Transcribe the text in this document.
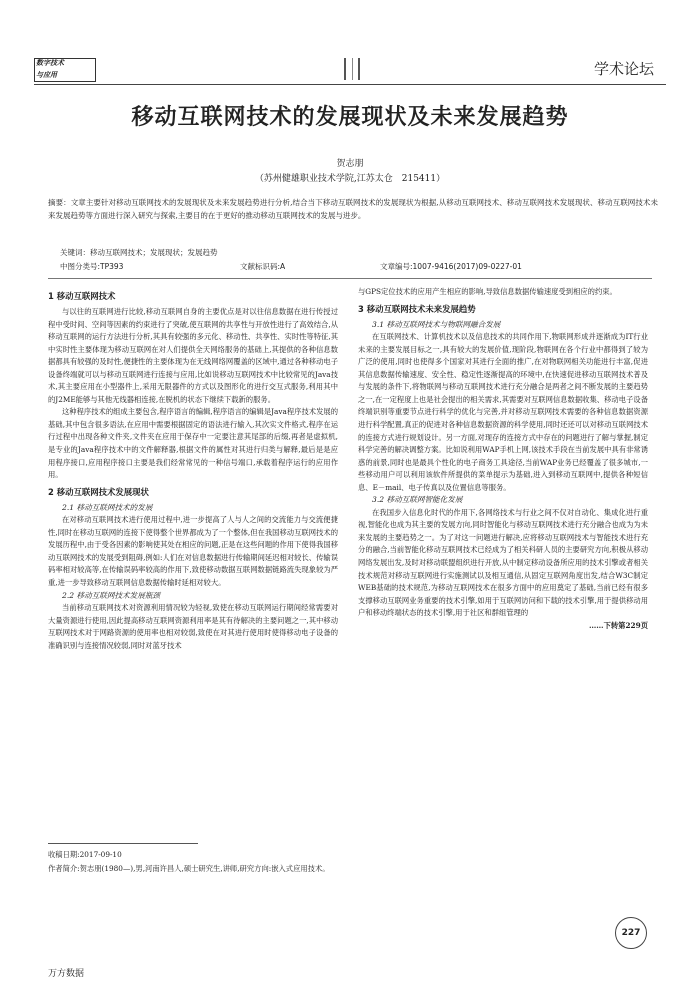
数字技术
与应用	学术论坛
移动互联网技术的发展现状及未来发展趋势
贺志朋
（苏州健雄职业技术学院,江苏太仓　215411）
摘要：文章主要针对移动互联网技术的发展现状及未来发展趋势进行分析,结合当下移动互联网技术的发展现状为根据,从移动互联网技术、移动互联网技术发展现状、移动互联网技术未来发展趋势等方面进行深入研究与探索,主要目的在于更好的推动移动互联网技术的发展与进步。
关键词：移动互联网技术；发展现状；发展趋势
中图分类号:TP393	文献标识码:A	文章编号:1007-9416(2017)09-0227-01
1 移动互联网技术

与以往的互联网进行比较,移动互联网自身的主要优点是对以往信息数据在进行传授过程中受时间、空间等因素的约束进行了突破,使互联网的共享性与开放性进行了高效结合,从移动互联网的运行方法进行分析,其具有较强的多元化、移动性、共享性、实时性等特征,其中实时性主要体现为移动互联网在对人们提供全天网络服务的基础上,其提供的各种信息数据都具有较强的及时性,便捷性的主要体现为在无线网络网覆盖的区域中,通过各种移动电子设备终端就可以与移动互联网进行连接与应用,比如说移动互联网技术中比较常见的Java技术,其主要应用在小型器件上,采用无限器件的方式以及图形化的进行交互式服务,利用其中的J2ME能够与其他无线器相连接,在脱机的状态下继续下载新的服务。

这种程序技术的组成主要包含,程序语言的编辑,程序语言的编辑是Java程序技术发展的基础,其中包含很多语法,在应用中需要根据固定的语法进行输入,其次实文件格式,程序在运行过程中出现各种文件夹,文件夹在应用于保存中一定要注意其尾部的后缀,再者是虚拟机,是专业的Java程序技术中的文件解释器,根据文件的属性对其进行归类与解释,最后是是应用程序接口,应用程序接口主要是我们经常常见的一种信号端口,承载着程序运行的应用作用。

2 移动互联网技术发展现状
2.1 移动互联网技术的发展

在对移动互联网技术进行使用过程中,进一步提高了人与人之间的交流能力与交流便捷性,同时在移动互联网的连接下使得整个世界都成为了一个整体,但在我国移动互联网技术的发展历程中,由于受各因素的影响使其处在相应的问题,正是在这些问题的作用下使得我国移动互联网技术的发展受到阻碍,例如:人们在对信息数据进行传输期间延迟相对较长、传输误码率相对较高等,在传输误码率较高的作用下,致使移动数据互联网数据链路流失现象较为严重,进一步导致移动互联网信息数据传输时延相对较大。

2.2 移动互联网技术发展瓶颈

当前移动互联网技术对资源利用情况较为轻视,致使在移动互联网运行期间经常需要对大量资源进行使用,因此提高移动互联网资源利用率是其有待解决的主要问题之一,其中移动互联网技术对于网路资源的使用率也相对较弱,致使在对其进行使用时使得移动电子设备的准确识别与连接情况较弱,同时对蓝牙技术

与GPS定位技术的应用产生相应的影响,导致信息数据传输速度受到相应的约束。

3 移动互联网技术未来发展趋势
3.1 移动互联网技术与物联网融合发展

在互联网技术、计算机技术以及信息技术的共同作用下,物联网形成并逐渐成为IT行业未来的主要发展目标之一,具有较大的发展价值,现阶段,物联网在各个行业中都得到了较为广泛的使用,同时也使得多个国家对其进行全面的推广,在对物联网相关功能进行丰富,促进其信息数据传输速度、安全性、稳定性逐渐提高的环境中,在快速促进移动互联网技术普及与发展的条件下,将物联网与移动互联网技术进行充分融合是两者之间不断发展的主要趋势之一,在一定程度上也是社会提出的相关需求,其需要对互联网信息数据收集、移动电子设备终端识别等重要节点进行科学的优化与完善,并对移动互联网技术需要的各种信息数据资源进行科学配置,真正的促进对各种信息数据资源的科学使用,同时还还可以对移动互联网技术的连接方式进行规划设计。另一方面,对现存的连接方式中存在的问题进行了解与掌握,制定科学完善的解决调整方案。比如说利用WAP手机上网,该技术手段在当前发展中具有非常诱惑的前景,同时也是最具个性化的电子商务工具途径,当前WAP业务已经覆盖了很多城市,一些移动用户可以利用该软件所提供的菜单提示为基础,进入到移动互联网中,提供各种短信息、E－mail、电子传真以及位置信息等服务。

3.2 移动互联网智能化发展

在我国步入信息化时代的作用下,各网络技术与行业之间不仅对自动化、集成化进行重视,智能化也成为其主要的发展方向,同时智能化与移动互联网技术进行充分融合也成为为未来发展的主要趋势之一。为了对这一问题进行解决,应将移动互联网技术与智能技术进行充分的融合,当前智能化移动互联网技术已经成为了相关科研人员的主要研究方向,积极从移动网络发展出发,及时对移动联盟组织进行开放,从中制定移动设备所应用的技术引擎或者相关技术规范对移动互联网进行实施测试以及相互通信,从固定互联网角度出发,结合W3C制定WEB基础的技术规范,为移动互联网技术在很多方面中的应用奠定了基础,当前已经有很多支撑移动互联网业务重要的技术引擎,如用于互联网访问和下载的技术引擎,用于提供移动用户和移动终端状态的技术引擎,用于社区和群组管理的

……下转第229页
收稿日期:2017-09-10
作者简介:贺志朋(1980—),男,河南许昌人,硕士研究生,讲师,研究方向:嵌入式应用技术。
227
万方数据
